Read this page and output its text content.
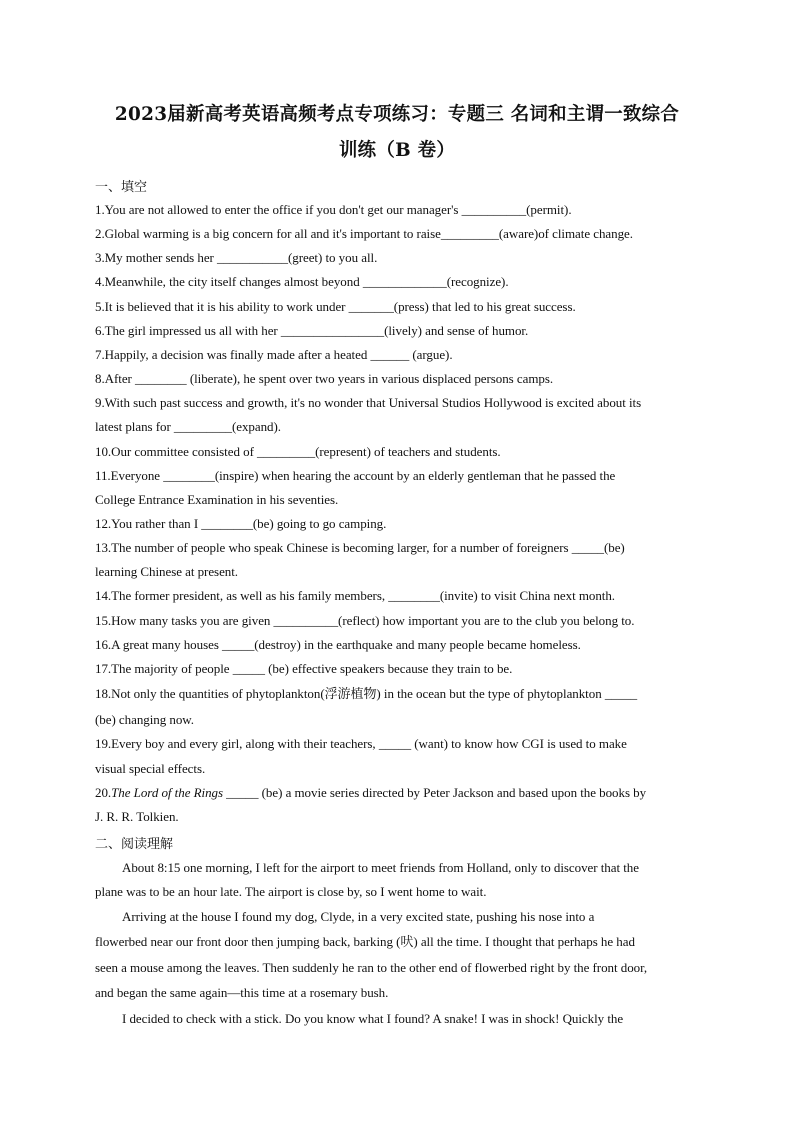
2023届新高考英语高频考点专项练习：专题三 名词和主谓一致综合
训练（B 卷）
一、填空
1.You are not allowed to enter the office if you don't get our manager's __________(permit).
2.Global warming is a big concern for all and it's important to raise_________(aware)of climate change.
3.My mother sends her ___________(greet) to you all.
4.Meanwhile, the city itself changes almost beyond _____________(recognize).
5.It is believed that it is his ability to work under _______(press) that led to his great success.
6.The girl impressed us all with her ________________(lively) and sense of humor.
7.Happily, a decision was finally made after a heated ______ (argue).
8.After ________ (liberate), he spent over two years in various displaced persons camps.
9.With such past success and growth, it's no wonder that Universal Studios Hollywood is excited about its
latest plans for _________(expand).
10.Our committee consisted of _________(represent) of teachers and students.
11.Everyone ________(inspire) when hearing the account by an elderly gentleman that he passed the
College Entrance Examination in his seventies.
12.You rather than I ________(be) going to go camping.
13.The number of people who speak Chinese is becoming larger, for a number of foreigners _____(be)
learning Chinese at present.
14.The former president, as well as his family members, ________(invite) to visit China next month.
15.How many tasks you are given __________(reflect) how important you are to the club you belong to.
16.A great many houses _____(destroy) in the earthquake and many people became homeless.
17.The majority of people _____ (be) effective speakers because they train to be.
18.Not only the quantities of phytoplankton(浮游植物) in the ocean but the type of phytoplankton _____
(be) changing now.
19.Every boy and every girl, along with their teachers, _____ (want) to know how CGI is used to make
visual special effects.
20.The Lord of the Rings _____ (be) a movie series directed by Peter Jackson and based upon the books by
J. R. R. Tolkien.
二、阅读理解
About 8:15 one morning, I left for the airport to meet friends from Holland, only to discover that the
plane was to be an hour late. The airport is close by, so I went home to wait.
Arriving at the house I found my dog, Clyde, in a very excited state, pushing his nose into a
flowerbed near our front door then jumping back, barking (吠) all the time. I thought that perhaps he had
seen a mouse among the leaves. Then suddenly he ran to the other end of flowerbed right by the front door,
and began the same again—this time at a rosemary bush.
I decided to check with a stick. Do you know what I found? A snake! I was in shock! Quickly the
